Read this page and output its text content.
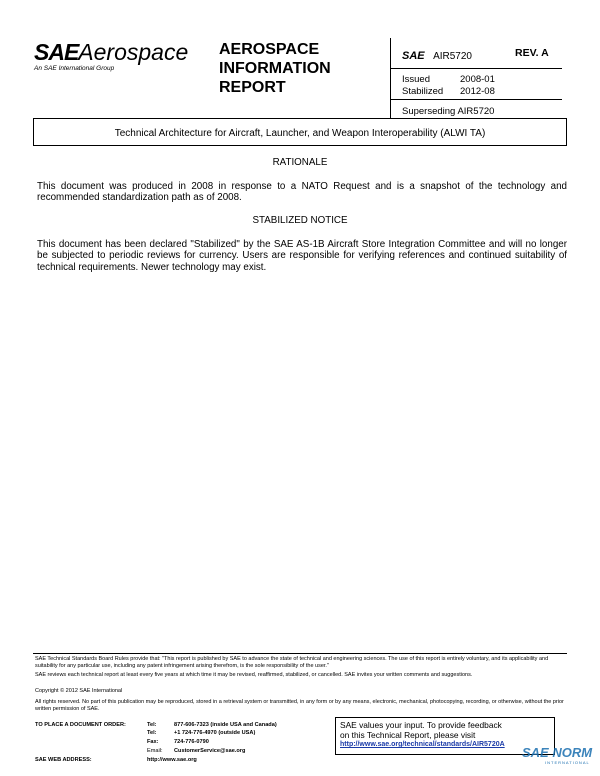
SAEAerospace
An SAE International Group
AEROSPACE
INFORMATION
REPORT
SAE AIR5720	REV. A
Issued	2008-01
Stabilized 2012-08
Superseding AIR5720
Technical Architecture for Aircraft, Launcher, and Weapon Interoperability (ALWI TA)
RATIONALE
This document was produced in 2008 in response to a NATO Request and is a snapshot of the technology and recommended standardization path as of 2008.
STABILIZED NOTICE
This document has been declared "Stabilized" by the SAE AS-1B Aircraft Store Integration Committee and will no longer be subjected to periodic reviews for currency. Users are responsible for verifying references and continued suitability of technical requirements. Newer technology may exist.
SAE Technical Standards Board Rules provide that: "This report is published by SAE to advance the state of technical and engineering sciences. The use of this report is entirely voluntary, and its applicability and suitability for any particular use, including any patent infringement arising therefrom, is the sole responsibility of the user."
SAE reviews each technical report at least every five years at which time it may be revised, reaffirmed, stabilized, or cancelled. SAE invites your written comments and suggestions.
Copyright © 2012 SAE International
All rights reserved. No part of this publication may be reproduced, stored in a retrieval system or transmitted, in any form or by any means, electronic, mechanical, photocopying, recording, or otherwise, without the prior written permission of SAE.
TO PLACE A DOCUMENT ORDER:	Tel:	877-606-7323 (inside USA and Canada)
Tel:	+1 724-776-4970 (outside USA)
Fax:	724-776-0790
Email: CustomerService@sae.org
SAE WEB ADDRESS:	http://www.sae.org
SAE values your input. To provide feedback
on this Technical Report, please visit
http://www.sae.org/technical/standards/AIR5720A
SAE NORM
INTERNATIONAL
